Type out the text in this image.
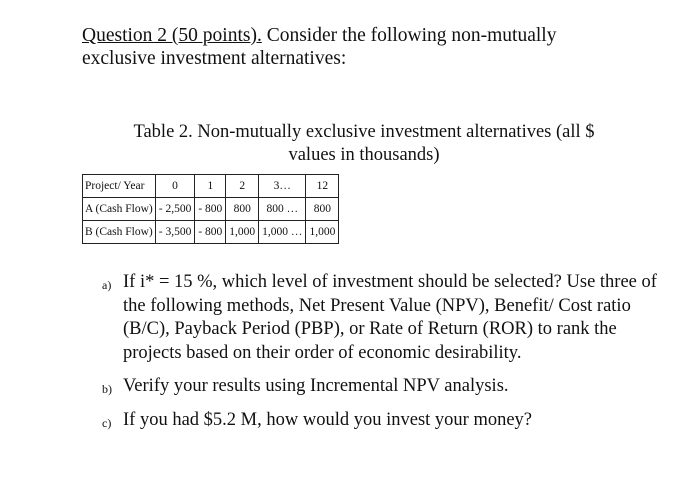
Question 2 (50 points). Consider the following non-mutually
exclusive investment alternatives:
Table 2. Non-mutually exclusive investment alternatives (all $
values in thousands)
Project/ Year	0	1	2	3…	12
A (Cash Flow)	- 2,500	- 800	800	800 …	800
B (Cash Flow)	- 3,500	- 800	1,000	1,000 …	1,000
a) If i* = 15 %, which level of investment should be selected? Use three of the following methods, Net Present Value (NPV), Benefit/ Cost ratio (B/C), Payback Period (PBP), or Rate of Return (ROR) to rank the projects based on their order of economic desirability.
b) Verify your results using Incremental NPV analysis.
c) If you had $5.2 M, how would you invest your money?
